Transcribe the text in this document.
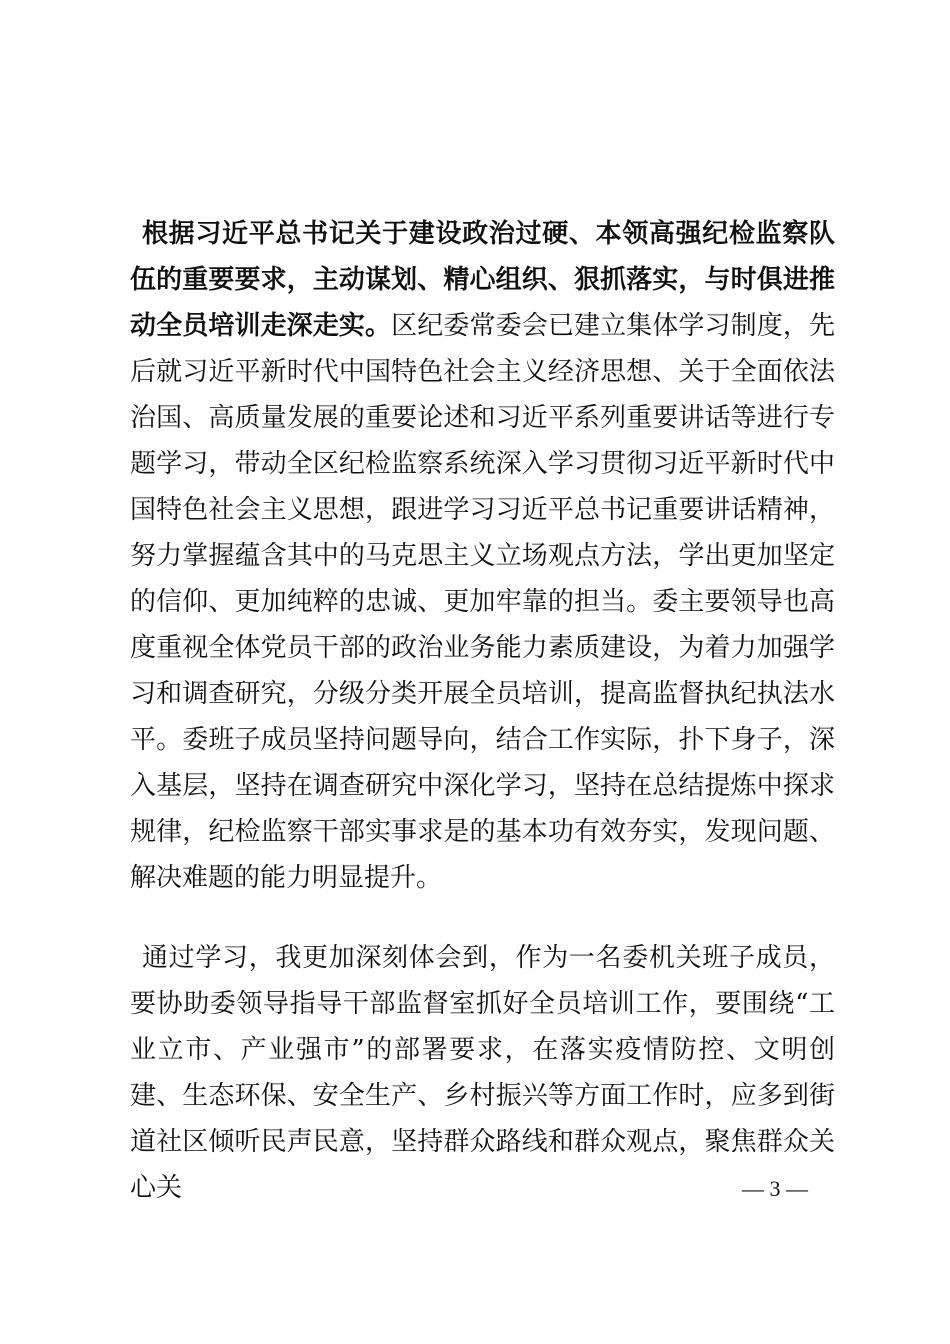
根据习近平总书记关于建设政治过硬、本领高强纪检监察队伍的重要要求，主动谋划、精心组织、狠抓落实，与时俱进推动全员培训走深走实。区纪委常委会已建立集体学习制度，先后就习近平新时代中国特色社会主义经济思想、关于全面依法治国、高质量发展的重要论述和习近平系列重要讲话等进行专题学习，带动全区纪检监察系统深入学习贯彻习近平新时代中国特色社会主义思想，跟进学习习近平总书记重要讲话精神，努力掌握蕴含其中的马克思主义立场观点方法，学出更加坚定的信仰、更加纯粹的忠诚、更加牢靠的担当。委主要领导也高度重视全体党员干部的政治业务能力素质建设，为着力加强学习和调查研究，分级分类开展全员培训，提高监督执纪执法水平。委班子成员坚持问题导向，结合工作实际，扑下身子，深入基层，坚持在调查研究中深化学习，坚持在总结提炼中探求规律，纪检监察干部实事求是的基本功有效夯实，发现问题、解决难题的能力明显提升。

通过学习，我更加深刻体会到，作为一名委机关班子成员，要协助委领导指导干部监督室抓好全员培训工作，要围绕“工业立市、产业强市”的部署要求，在落实疫情防控、文明创建、生态环保、安全生产、乡村振兴等方面工作时，应多到街道社区倾听民声民意，坚持群众路线和群众观点，聚焦群众关心关	— 3 —
